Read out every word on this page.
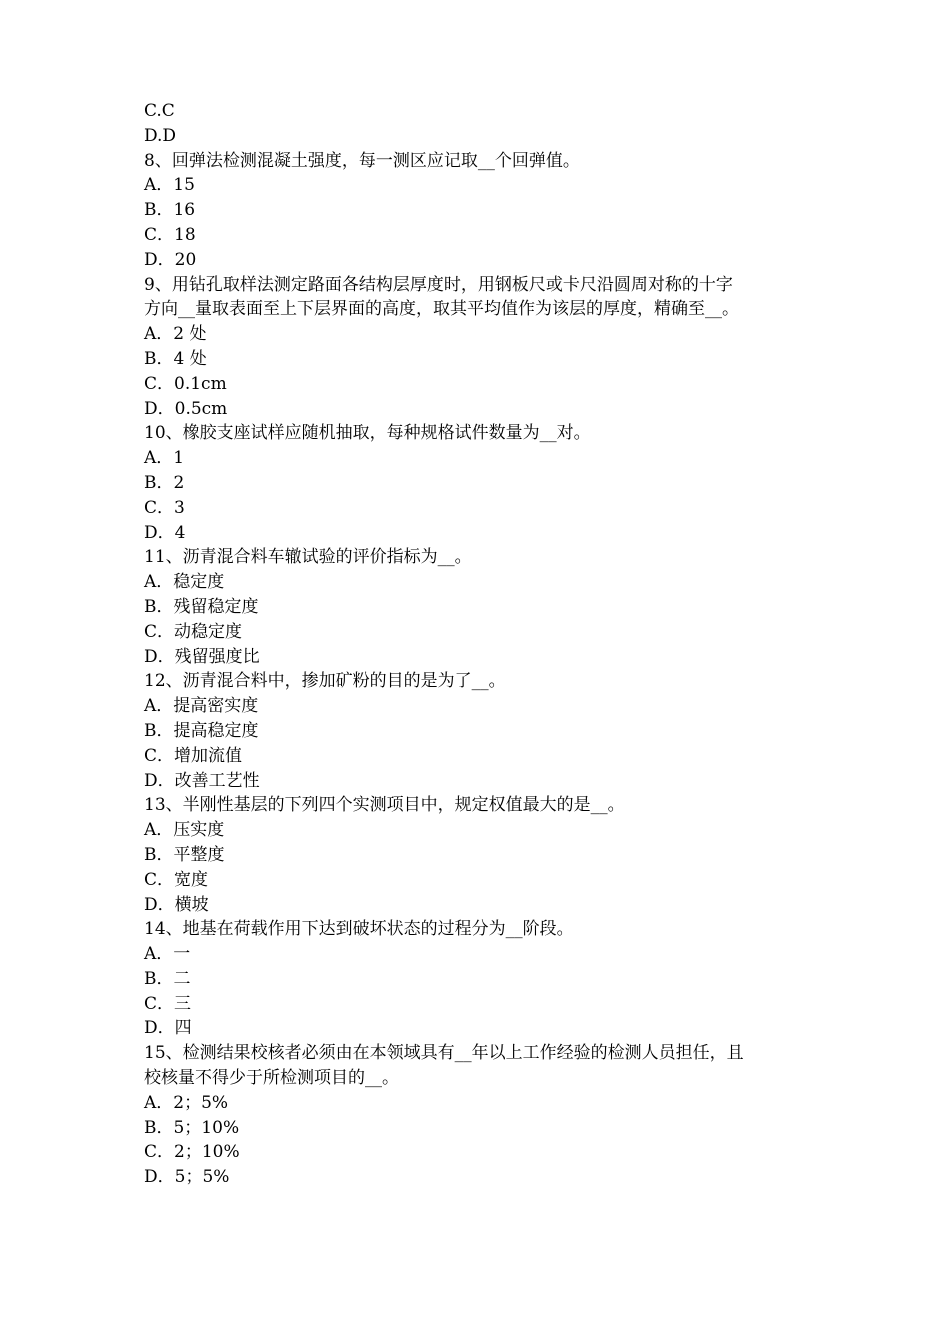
C.C
D.D
8、回弹法检测混凝土强度，每一测区应记取__个回弹值。
A．15
B．16
C．18
D．20
9、用钻孔取样法测定路面各结构层厚度时，用钢板尺或卡尺沿圆周对称的十字
方向__量取表面至上下层界面的高度，取其平均值作为该层的厚度，精确至__。
A．2 处
B．4 处
C．0.1cm
D．0.5cm
10、橡胶支座试样应随机抽取，每种规格试件数量为__对。
A．1
B．2
C．3
D．4
11、沥青混合料车辙试验的评价指标为__。
A．稳定度
B．残留稳定度
C．动稳定度
D．残留强度比
12、沥青混合料中，掺加矿粉的目的是为了__。
A．提高密实度
B．提高稳定度
C．增加流值
D．改善工艺性
13、半刚性基层的下列四个实测项目中，规定权值最大的是__。
A．压实度
B．平整度
C．宽度
D．横坡
14、地基在荷载作用下达到破坏状态的过程分为__阶段。
A．一
B．二
C．三
D．四
15、检测结果校核者必须由在本领域具有__年以上工作经验的检测人员担任，且
校核量不得少于所检测项目的__。
A．2；5%
B．5；10%
C．2；10%
D．5；5%
